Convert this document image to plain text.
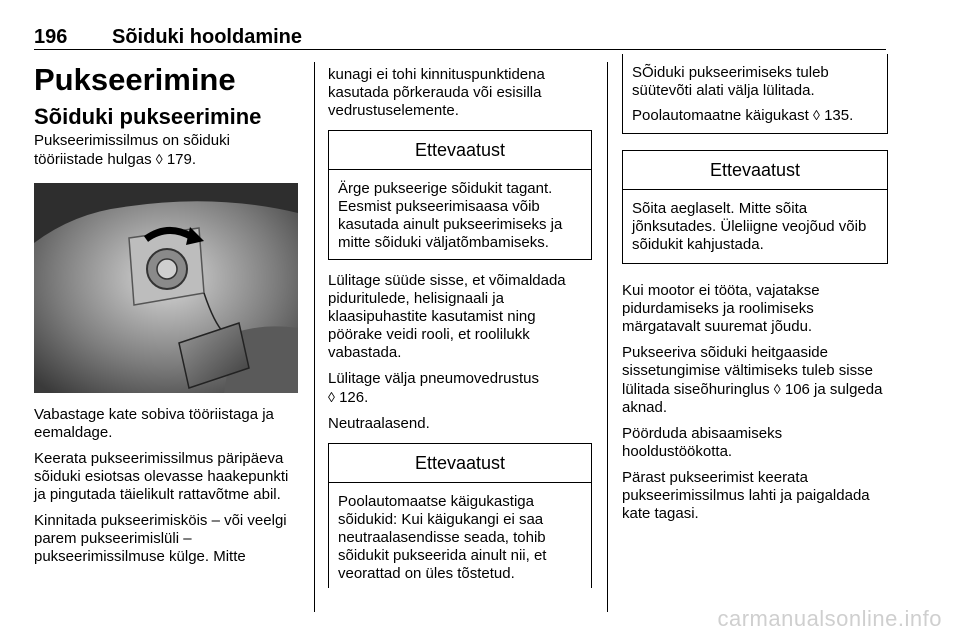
196 Sõiduki hooldamine
Pukseerimine
Sõiduki pukseerimine

Pukseerimissilmus on sõiduki tööriistade hulgas ◊ 179.

Vabastage kate sobiva tööriistaga ja eemaldage.

Keerata pukseerimissilmus päripäeva sõiduki esiotsas olevasse haakepunkti ja pingutada täielikult rattavõtme abil.

Kinnitada pukseerimisköis – või veelgi parem pukseerimislüli – pukseerimissilmuse külge. Mitte

kunagi ei tohi kinnituspunktidena kasutada põrkerauda või esisilla vedrustuselemente.

Ettevaatust
Ärge pukseerige sõidukit tagant. Eesmist pukseerimisaasa võib kasutada ainult pukseerimiseks ja mitte sõiduki väljatõmbamiseks.

Lülitage süüde sisse, et võimaldada piduritulede, helisignaali ja klaasipuhastite kasutamist ning pöörake veidi rooli, et roolilukk vabastada.

Lülitage välja pneumovedrustus
◊ 126.

Neutraalasend.

Ettevaatust
Poolautomaatse käigukastiga sõidukid: Kui käigukangi ei saa neutraalasendisse seada, tohib sõidukit pukseerida ainult nii, et veorattad on üles tõstetud.

SÕiduki pukseerimiseks tuleb süütevõti alati välja lülitada.

Poolautomaatne käigukast ◊ 135.

Ettevaatust
Sõita aeglaselt. Mitte sõita jõnksutades. Üleliigne veojõud võib sõidukit kahjustada.

Kui mootor ei tööta, vajatakse pidurdamiseks ja roolimiseks märgatavalt suuremat jõudu.

Pukseeriva sõiduki heitgaaside sissetungimise vältimiseks tuleb sisse lülitada siseõhuringlus ◊ 106 ja sulgeda aknad.

Pöörduda abisaamiseks hooldustöökotta.

Pärast pukseerimist keerata pukseerimissilmus lahti ja paigaldada kate tagasi.

carmanualsonline.info
